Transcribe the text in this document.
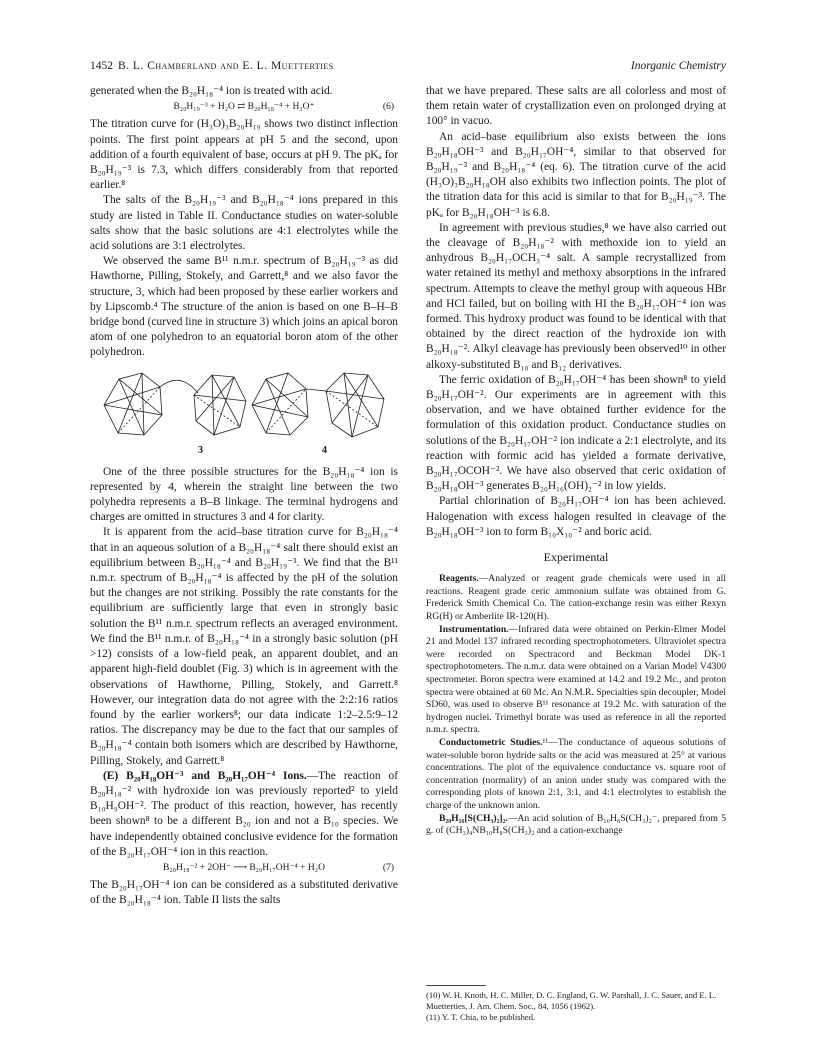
1452 B. L. Chamberland and E. L. Muetterties	Inorganic Chemistry

generated when the B₂₀H₁₈⁻⁴ ion is treated with acid.

B₂₀H₁₉⁻³ + H₂O ⇄ B₂₀H₁₈⁻⁴ + H₃O⁺	(6)

The titration curve for (H₃O)₃B₂₀H₁₉ shows two distinct inflection points. The first point appears at pH 5 and the second, upon addition of a fourth equivalent of base, occurs at pH 9. The pKₐ for B₂₀H₁₉⁻³ is 7.3, which differs considerably from that reported earlier.⁸

The salts of the B₂₀H₁₉⁻³ and B₂₀H₁₈⁻⁴ ions prepared in this study are listed in Table II. Conductance studies on water-soluble salts show that the basic solutions are 4:1 electrolytes while the acid solutions are 3:1 electrolytes.

We observed the same B¹¹ n.m.r. spectrum of B₂₀H₁₉⁻³ as did Hawthorne, Pilling, Stokely, and Garrett,⁸ and we also favor the structure, 3, which had been proposed by these earlier workers and by Lipscomb.⁴ The structure of the anion is based on one B–H–B bridge bond (curved line in structure 3) which joins an apical boron atom of one polyhedron to an equatorial boron atom of the other polyhedron.

3	4

One of the three possible structures for the B₂₀H₁₈⁻⁴ ion is represented by 4, wherein the straight line between the two polyhedra represents a B–B linkage. The terminal hydrogens and charges are omitted in structures 3 and 4 for clarity.

It is apparent from the acid–base titration curve for B₂₀H₁₈⁻⁴ that in an aqueous solution of a B₂₀H₁₈⁻⁴ salt there should exist an equilibrium between B₂₀H₁₈⁻⁴ and B₂₀H₁₉⁻³. We find that the B¹¹ n.m.r. spectrum of B₂₀H₁₈⁻⁴ is affected by the pH of the solution but the changes are not striking. Possibly the rate constants for the equilibrium are sufficiently large that even in strongly basic solution the B¹¹ n.m.r. spectrum reflects an averaged environment. We find the B¹¹ n.m.r. of B₂₀H₁₈⁻⁴ in a strongly basic solution (pH >12) consists of a low-field peak, an apparent doublet, and an apparent high-field doublet (Fig. 3) which is in agreement with the observations of Hawthorne, Pilling, Stokely, and Garrett.⁸ However, our integration data do not agree with the 2:2:16 ratios found by the earlier workers⁸; our data indicate 1:2–2.5:9–12 ratios. The discrepancy may be due to the fact that our samples of B₂₀H₁₈⁻⁴ contain both isomers which are described by Hawthorne, Pilling, Stokely, and Garrett.⁸

(E) B₂₀H₁₈OH⁻³ and B₂₀H₁₇OH⁻⁴ Ions.—The reaction of B₂₀H₁₈⁻² with hydroxide ion was previously reported² to yield B₁₀H₉OH⁻². The product of this reaction, however, has recently been shown⁸ to be a different B₂₀ ion and not a B₁₀ species. We have independently obtained conclusive evidence for the formation of the B₂₀H₁₇OH⁻⁴ ion in this reaction.

B₂₀H₁₈⁻² + 2OH⁻ ⟶ B₂₀H₁₇OH⁻⁴ + H₂O	(7)

The B₂₀H₁₇OH⁻⁴ ion can be considered as a substituted derivative of the B₂₀H₁₈⁻⁴ ion. Table II lists the salts

that we have prepared. These salts are all colorless and most of them retain water of crystallization even on prolonged drying at 100° in vacuo.

An acid–base equilibrium also exists between the ions B₂₀H₁₈OH⁻³ and B₂₀H₁₇OH⁻⁴, similar to that observed for B₂₀H₁₉⁻³ and B₂₀H₁₈⁻⁴ (eq. 6). The titration curve of the acid (H₃O)₃B₂₀H₁₈OH also exhibits two inflection points. The plot of the titration data for this acid is similar to that for B₂₀H₁₉⁻³. The pKₐ for B₂₀H₁₈OH⁻³ is 6.8.

In agreement with previous studies,⁸ we have also carried out the cleavage of B₂₀H₁₈⁻² with methoxide ion to yield an anhydrous B₂₀H₁₇OCH₃⁻⁴ salt. A sample recrystallized from water retained its methyl and methoxy absorptions in the infrared spectrum. Attempts to cleave the methyl group with aqueous HBr and HCl failed, but on boiling with HI the B₂₀H₁₇OH⁻⁴ ion was formed. This hydroxy product was found to be identical with that obtained by the direct reaction of the hydroxide ion with B₂₀H₁₈⁻². Alkyl cleavage has previously been observed¹⁰ in other alkoxy-substituted B₁₀ and B₁₂ derivatives.

The ferric oxidation of B₂₀H₁₇OH⁻⁴ has been shown⁸ to yield B₂₀H₁₇OH⁻². Our experiments are in agreement with this observation, and we have obtained further evidence for the formulation of this oxidation product. Conductance studies on solutions of the B₂₀H₁₇OH⁻² ion indicate a 2:1 electrolyte, and its reaction with formic acid has yielded a formate derivative, B₂₀H₁₇OCOH⁻². We have also observed that ceric oxidation of B₂₀H₁₈OH⁻³ generates B₂₀H₁₆(OH)₂⁻² in low yields.

Partial chlorination of B₂₀H₁₇OH⁻⁴ ion has been achieved. Halogenation with excess halogen resulted in cleavage of the B₂₀H₁₈OH⁻³ ion to form B₁₀X₁₀⁻² and boric acid.

Experimental

Reagents.—Analyzed or reagent grade chemicals were used in all reactions. Reagent grade ceric ammonium sulfate was obtained from G. Frederick Smith Chemical Co. The cation-exchange resin was either Rexyn RG(H) or Amberlite IR-120(H).

Instrumentation.—Infrared data were obtained on Perkin-Elmer Model 21 and Model 137 infrared recording spectrophotometers. Ultraviolet spectra were recorded on Spectracord and Beckman Model DK-1 spectrophotometers. The n.m.r. data were obtained on a Varian Model V4300 spectrometer. Boron spectra were examined at 14.2 and 19.2 Mc., and proton spectra were obtained at 60 Mc. An N.M.R. Specialties spin decoupler, Model SD60, was used to observe B¹¹ resonance at 19.2 Mc. with saturation of the hydrogen nuclei. Trimethyl borate was used as reference in all the reported n.m.r. spectra.

Conductometric Studies.¹¹—The conductance of aqueous solutions of water-soluble boron hydride salts or the acid was measured at 25° at various concentrations. The plot of the equivalence conductance vs. square root of concentration (normality) of an anion under study was compared with the corresponding plots of known 2:1, 3:1, and 4:1 electrolytes to establish the charge of the unknown anion.

B₂₀H₁₆[S(CH₃)₂]₂.—An acid solution of B₁₀H₈S(CH₃)₂⁻, prepared from 5 g. of (CH₃)₄NB₁₀H₈S(CH₃)₂ and a cation-exchange

(10) W. H. Knoth, H. C. Miller, D. C. England, G. W. Parshall, J. C. Sauer, and E. L. Muetterties, J. Am. Chem. Soc., 84, 1056 (1962).
(11) Y. T. Chia, to be published.
